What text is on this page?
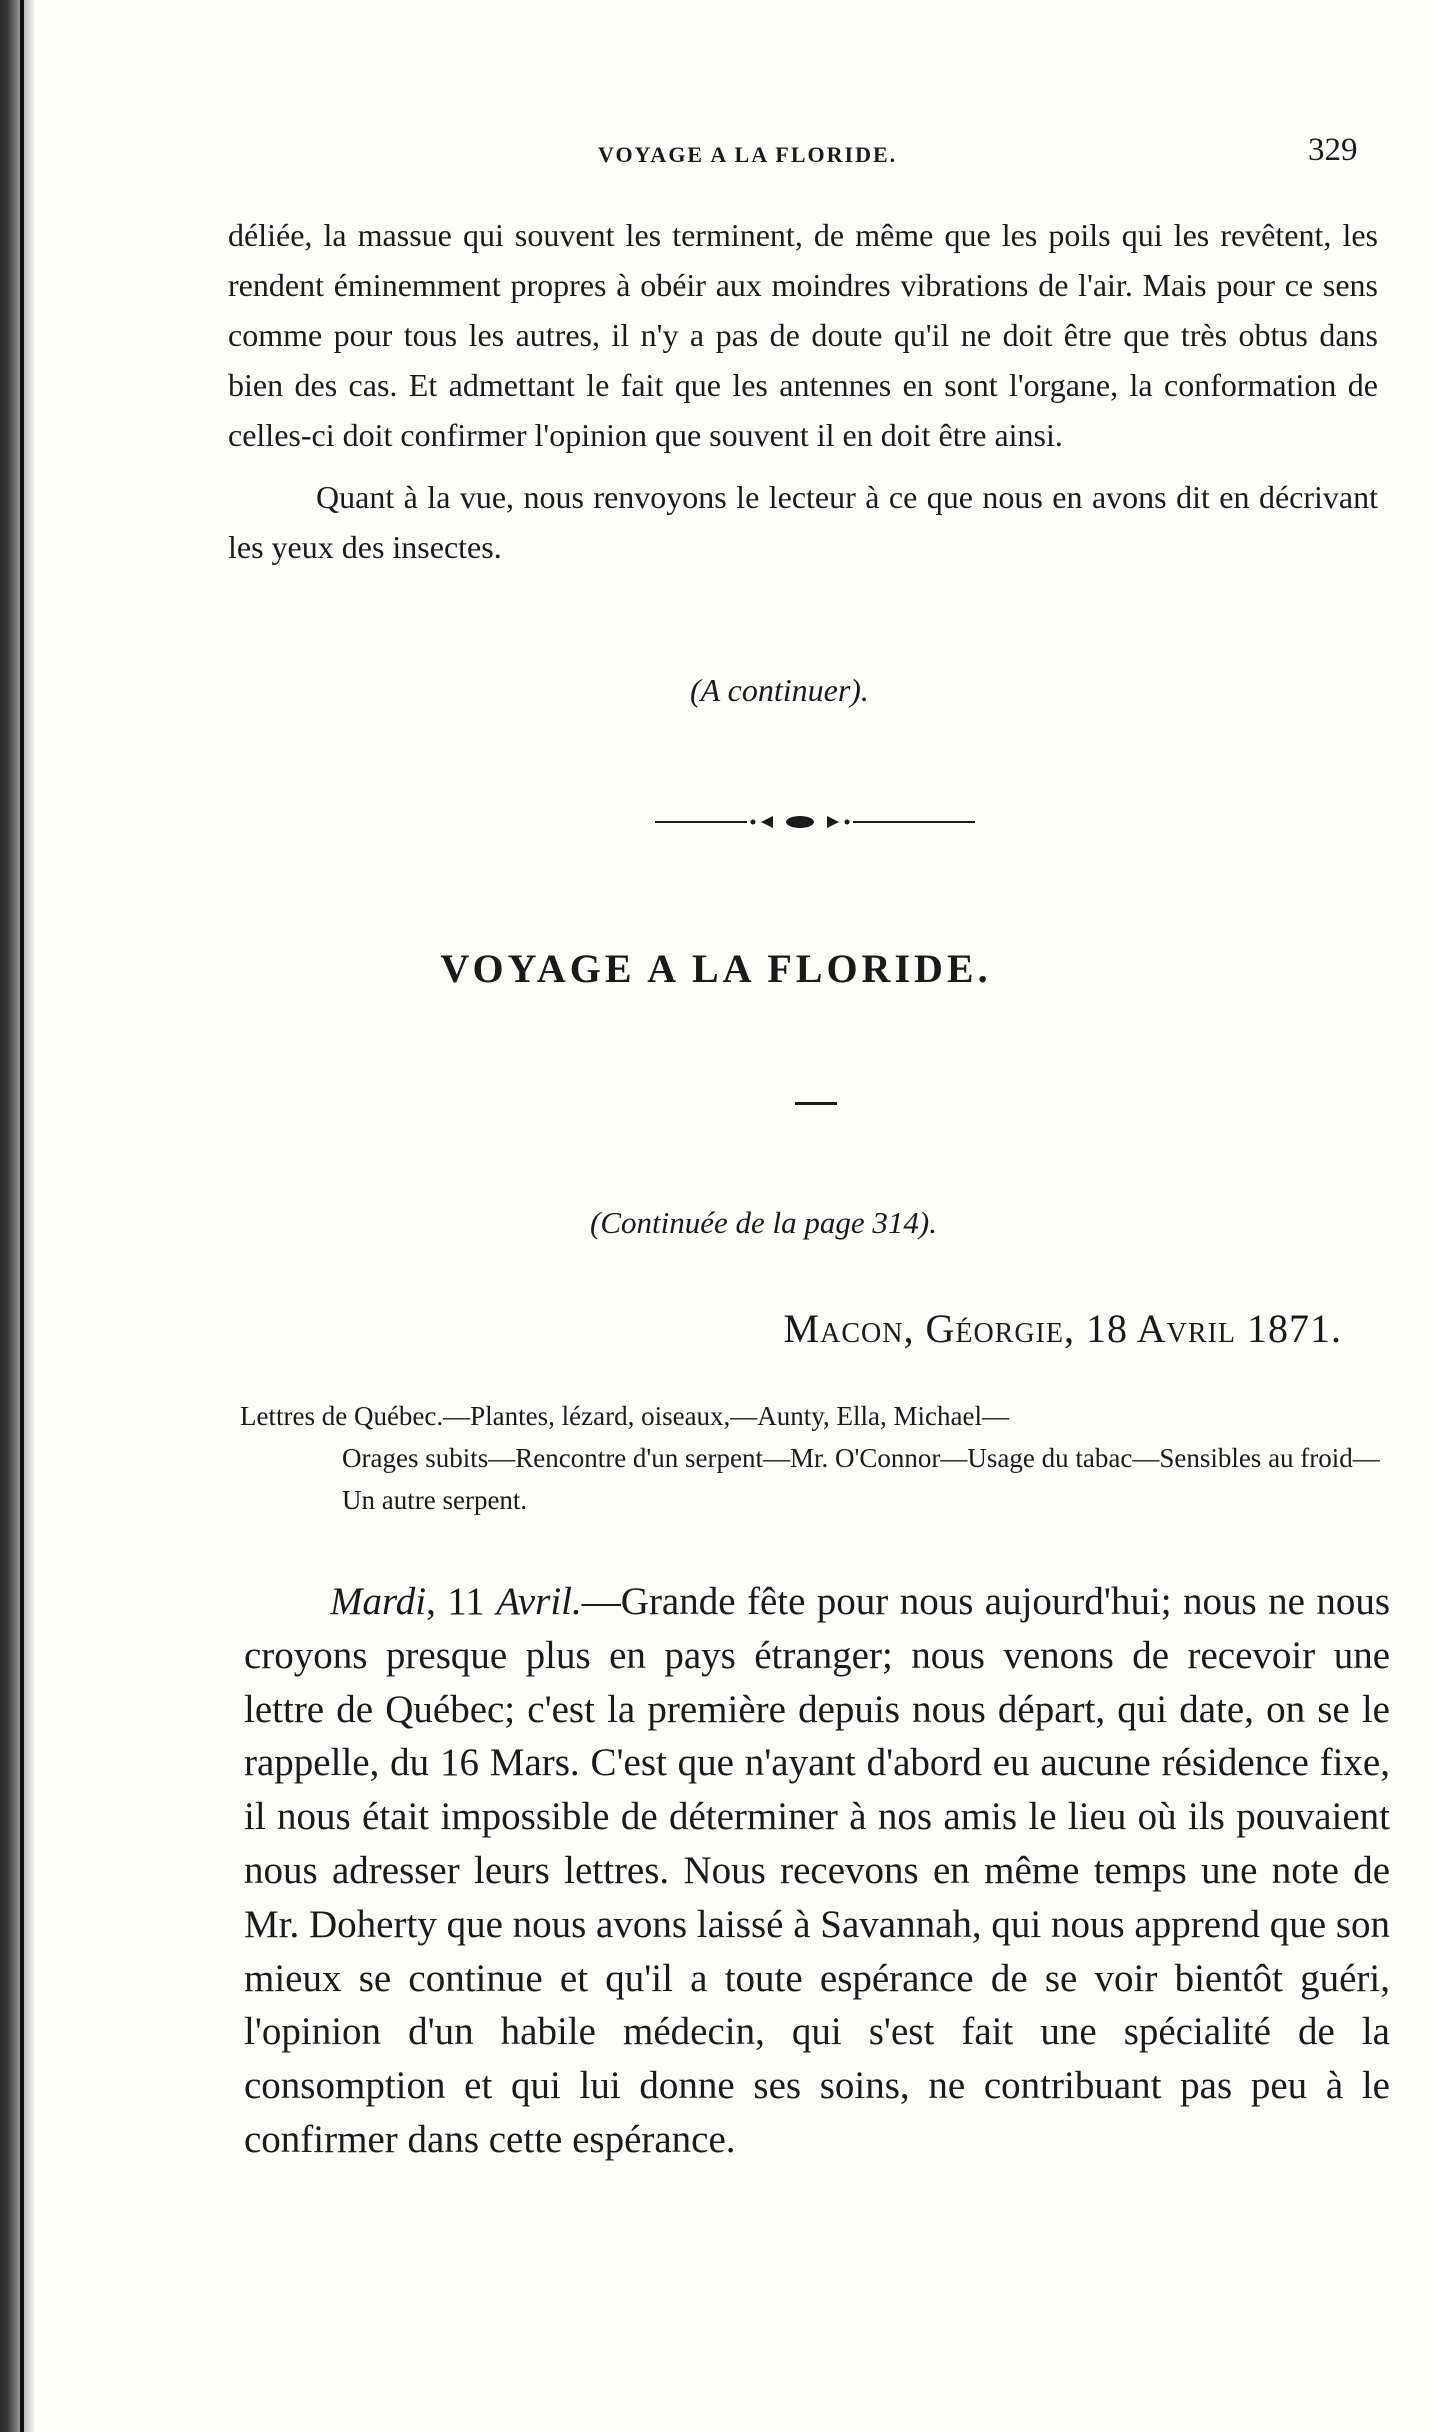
VOYAGE A LA FLORIDE.	329

déliée, la massue qui souvent les terminent, de même que les poils qui les revêtent, les rendent éminemment propres à obéir aux moindres vibrations de l'air. Mais pour ce sens comme pour tous les autres, il n'y a pas de doute qu'il ne doit être que très obtus dans bien des cas. Et admettant le fait que les antennes en sont l'organe, la conformation de celles-ci doit confirmer l'opinion que souvent il en doit être ainsi.

Quant à la vue, nous renvoyons le lecteur à ce que nous en avons dit en décrivant les yeux des insectes.

(A continuer).
VOYAGE A LA FLORIDE.
(Continuée de la page 314).
Macon, Géorgie, 18 Avril 1871.
Lettres de Québec.—Plantes, lézard, oiseaux,—Aunty, Ella, Michael—
Orages subits—Rencontre d'un serpent—Mr. O'Connor—Usage du tabac—Sensibles au froid—Un autre serpent.
Mardi, 11 Avril.—Grande fête pour nous aujourd'hui; nous ne nous croyons presque plus en pays étranger; nous venons de recevoir une lettre de Québec; c'est la première depuis nous départ, qui date, on se le rappelle, du 16 Mars. C'est que n'ayant d'abord eu aucune résidence fixe, il nous était impossible de déterminer à nos amis le lieu où ils pouvaient nous adresser leurs lettres. Nous recevons en même temps une note de Mr. Doherty que nous avons laissé à Savannah, qui nous apprend que son mieux se continue et qu'il a toute espérance de se voir bientôt guéri, l'opinion d'un habile médecin, qui s'est fait une spécialité de la consomption et qui lui donne ses soins, ne contribuant pas peu à le confirmer dans cette espérance.
